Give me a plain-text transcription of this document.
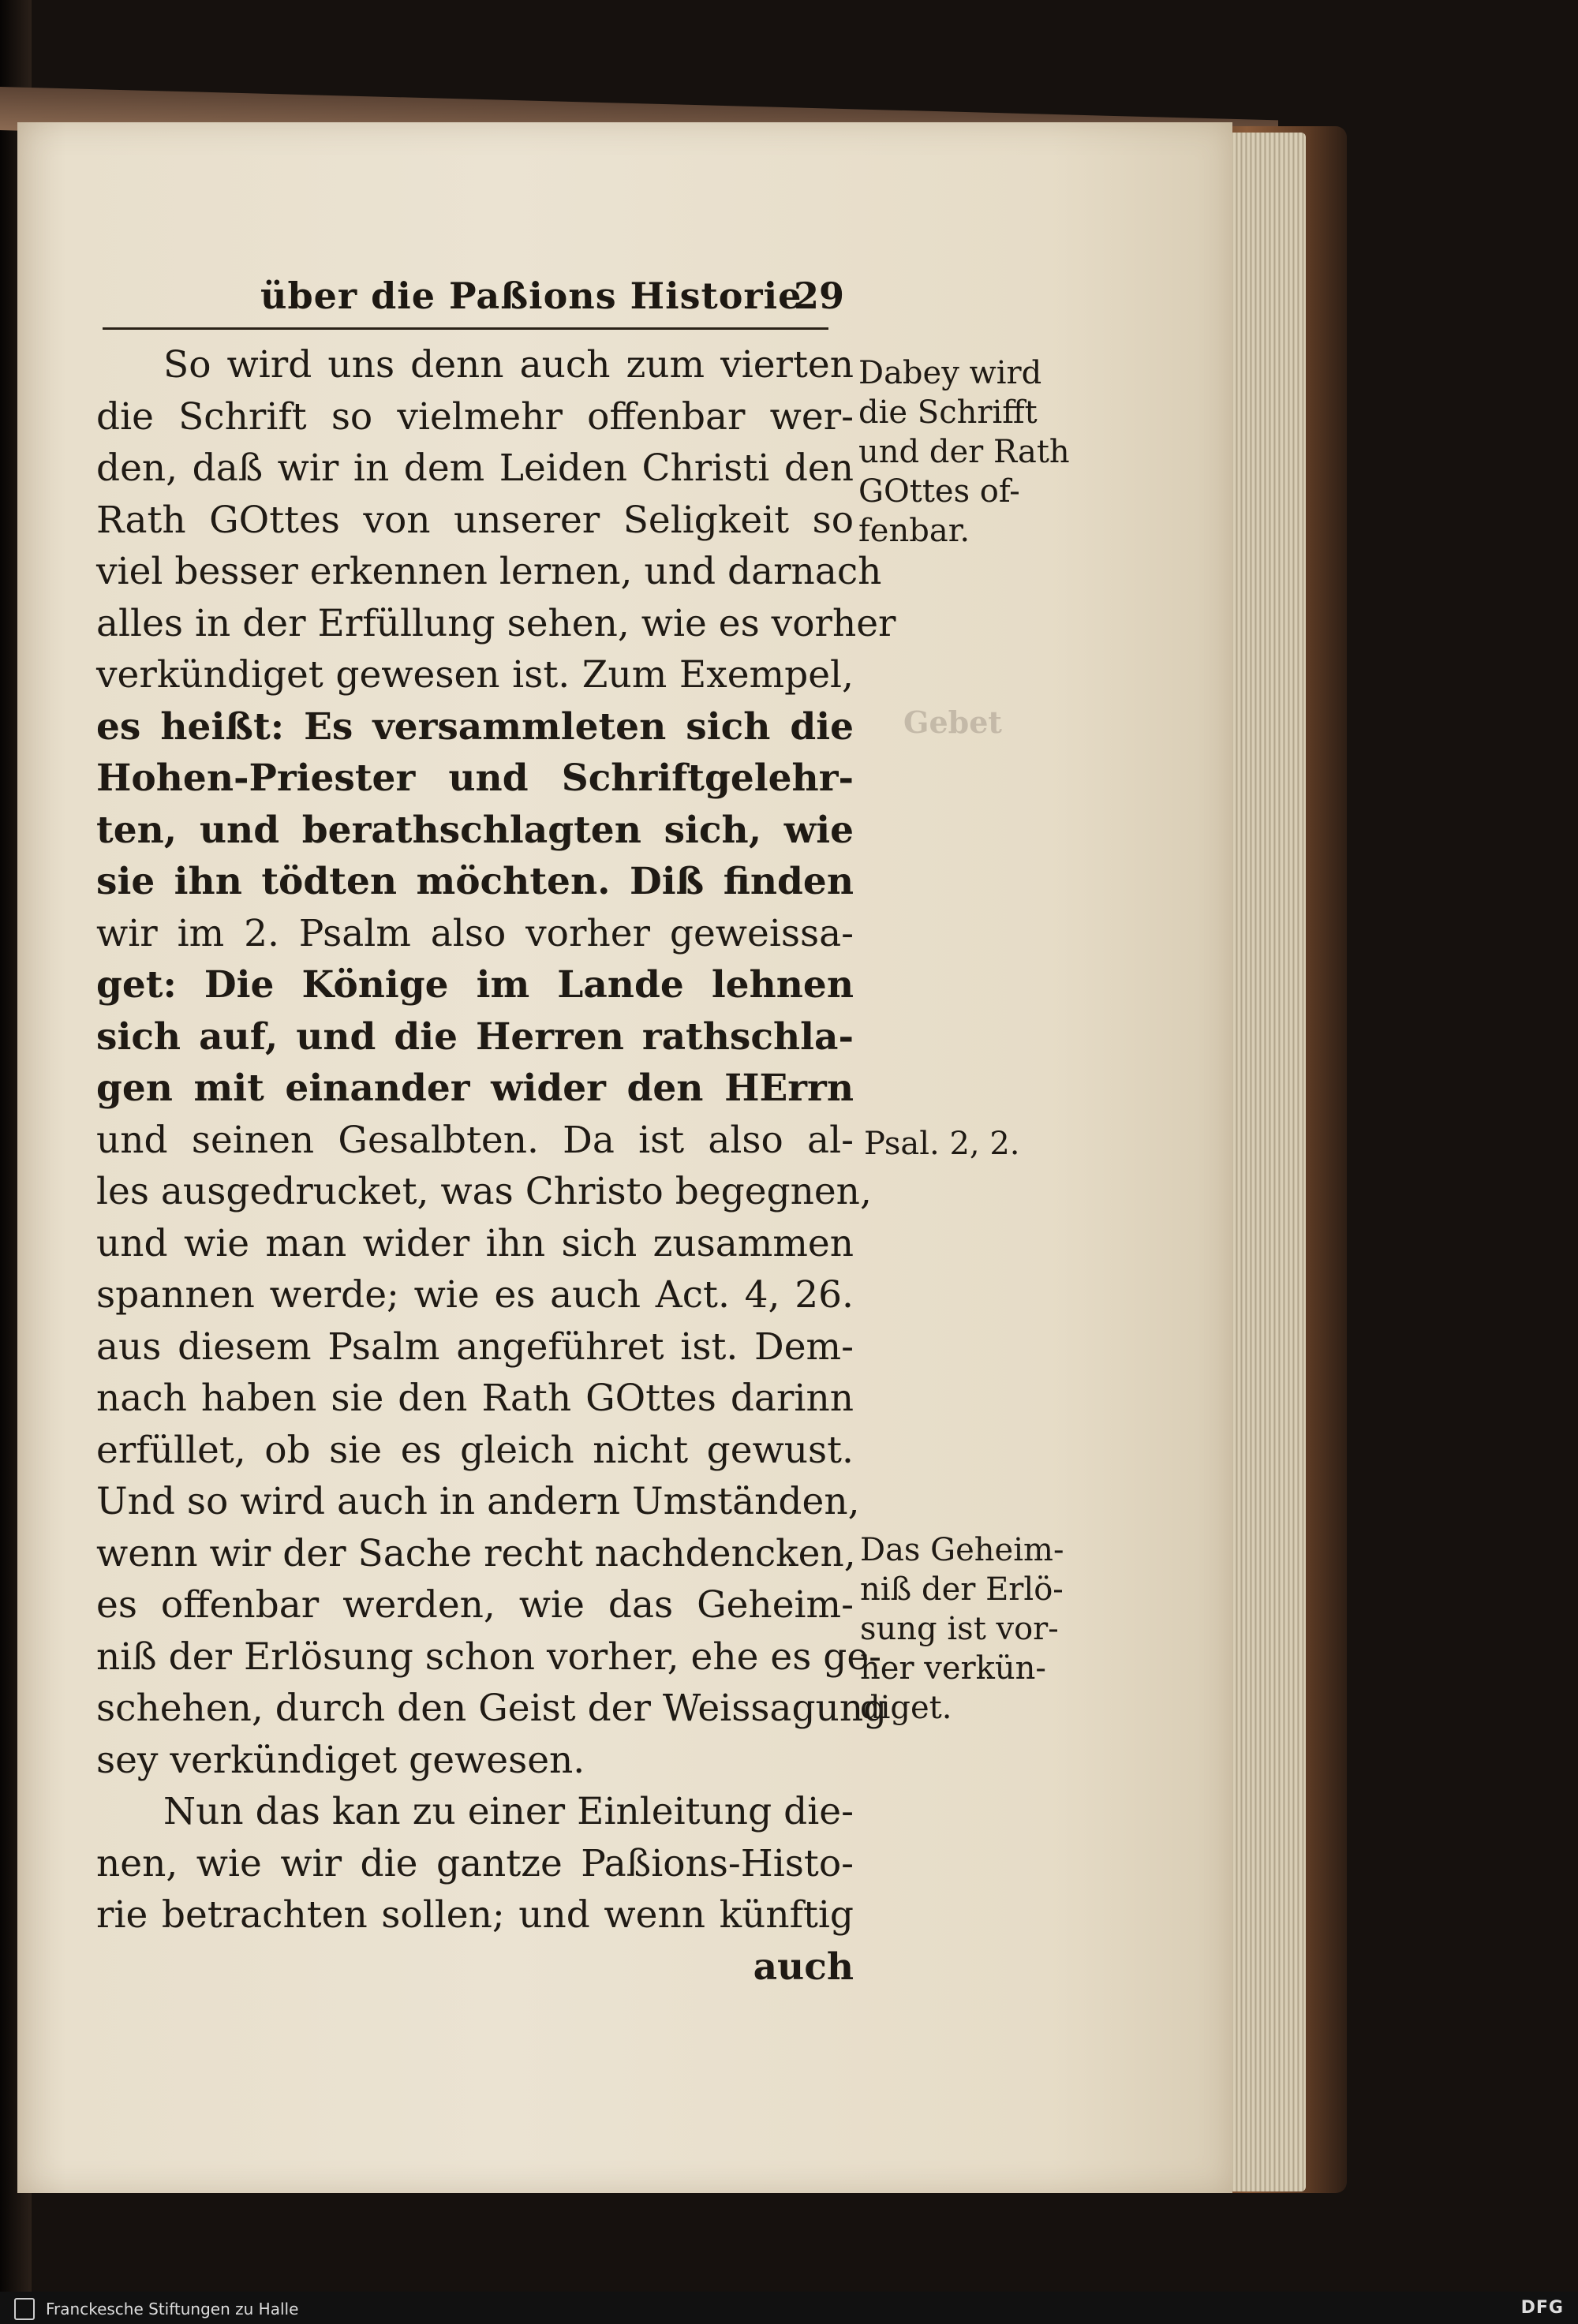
über die Paßions Historie
29
So wird uns denn auch zum vierten
die Schrift so vielmehr offenbar wer-
den, daß wir in dem Leiden Christi den
Rath GOttes von unserer Seligkeit so
viel besser erkennen lernen, und darnach
alles in der Erfüllung sehen, wie es vorher
verkündiget gewesen ist. Zum Exempel,
es heißt: Es versammleten sich die
Hohen-Priester und Schriftgelehr-
ten, und berathschlagten sich, wie
sie ihn tödten möchten. Diß finden
wir im 2. Psalm also vorher geweissa-
get: Die Könige im Lande lehnen
sich auf, und die Herren rathschla-
gen mit einander wider den HErrn
und seinen Gesalbten. Da ist also al-
les ausgedrucket, was Christo begegnen,
und wie man wider ihn sich zusammen
spannen werde; wie es auch Act. 4, 26.
aus diesem Psalm angeführet ist. Dem-
nach haben sie den Rath GOttes darinn
erfüllet, ob sie es gleich nicht gewust.
Und so wird auch in andern Umständen,
wenn wir der Sache recht nachdencken,
es offenbar werden, wie das Geheim-
niß der Erlösung schon vorher, ehe es ge-
schehen, durch den Geist der Weissagung
sey verkündiget gewesen.
Nun das kan zu einer Einleitung die-
nen, wie wir die gantze Paßions-Histo-
rie betrachten sollen; und wenn künftig
auch
Dabey wird
die Schrifft
und der Rath
GOttes of-
fenbar.
Gebet
Psal. 2, 2.
Das Geheim-
niß der Erlö-
sung ist vor-
her verkün-
diget.
Franckesche Stiftungen zu Halle	DFG
